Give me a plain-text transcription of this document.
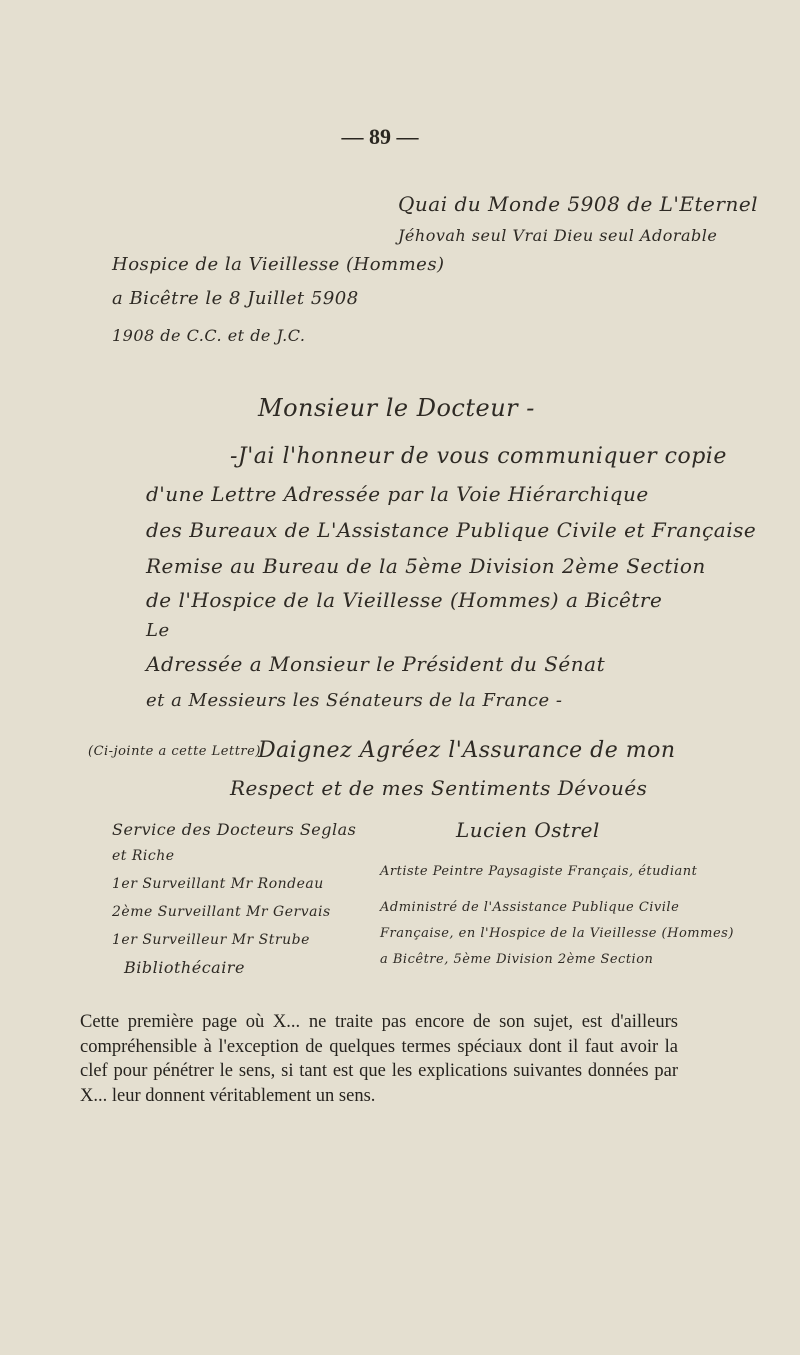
— 89 —
Quai du Monde 5908 de L'Eternel
Jéhovah seul Vrai Dieu seul Adorable
Hospice de la Vieillesse (Hommes)
a Bicêtre le 8 Juillet 5908
1908 de C.C. et de J.C.
Monsieur le Docteur -
-J'ai l'honneur de vous communiquer copie
d'une Lettre Adressée par la Voie Hiérarchique
des Bureaux de L'Assistance Publique Civile et Française
Remise au Bureau de la 5ème Division 2ème Section
de l'Hospice de la Vieillesse (Hommes) a Bicêtre
Le
Adressée a Monsieur le Président du Sénat
et a Messieurs les Sénateurs de la France -
(Ci-jointe a cette Lettre)
Daignez Agréez l'Assurance de mon
Respect et de mes Sentiments Dévoués
Service des Docteurs Seglas
et Riche
1er Surveillant Mr Rondeau
2ème Surveillant Mr Gervais
1er Surveilleur Mr Strube
Bibliothécaire
Lucien Ostrel
Artiste Peintre Paysagiste Français, étudiant
Administré de l'Assistance Publique Civile
Française, en l'Hospice de la Vieillesse (Hommes)
a Bicêtre, 5ème Division 2ème Section
Cette première page où X... ne traite pas encore de son sujet, est d'ailleurs compréhensible à l'exception de quelques termes spéciaux dont il faut avoir la clef pour pénétrer le sens, si tant est que les explications suivantes données par X... leur donnent véritablement un sens.
